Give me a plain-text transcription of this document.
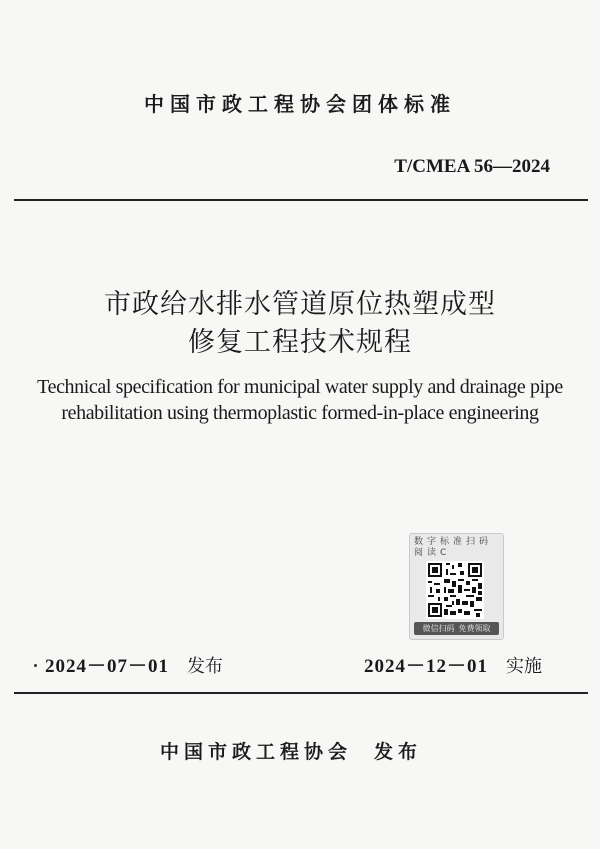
中国市政工程协会团体标准
T/CMEA 56—2024
市政给水排水管道原位热塑成型
修复工程技术规程
Technical specification for municipal water supply and drainage pipe
rehabilitation using thermoplastic formed-in-place engineering
数字标准扫码阅读C
微信扫码 免费领取
2024－07－01 发布	2024－12－01 实施
中国市政工程协会 发布
